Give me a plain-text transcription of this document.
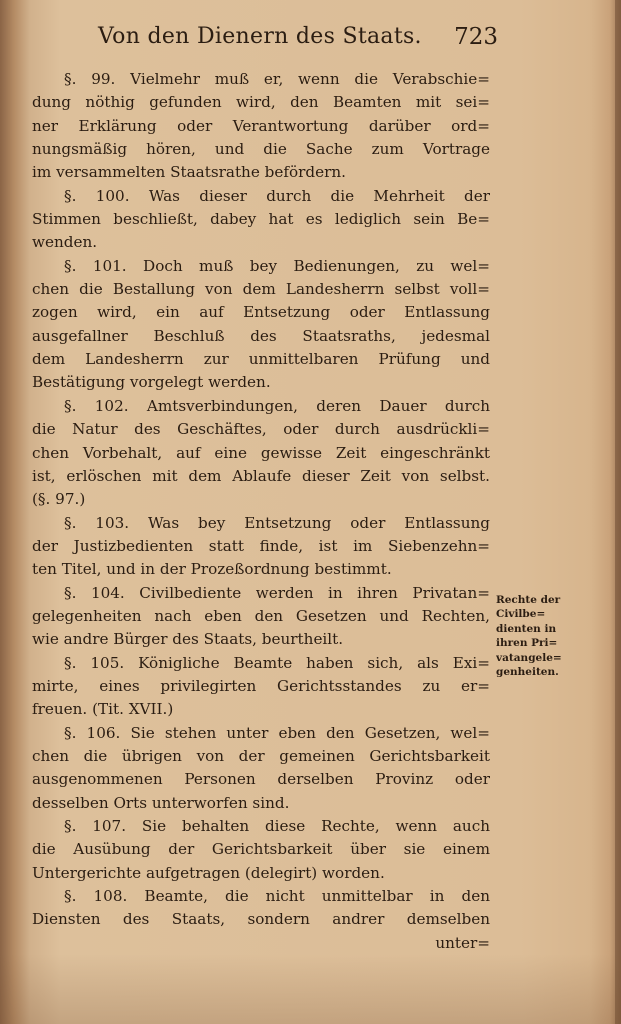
Von den Dienern des Staats. 723
§. 99. Vielmehr muß er, wenn die Verabschie=
dung nöthig gefunden wird, den Beamten mit sei=
ner Erklärung oder Verantwortung darüber ord=
nungsmäßig hören, und die Sache zum Vortrage
im versammelten Staatsrathe befördern.
§. 100. Was dieser durch die Mehrheit der
Stimmen beschließt, dabey hat es lediglich sein Be=
wenden.
§. 101. Doch muß bey Bedienungen, zu wel=
chen die Bestallung von dem Landesherrn selbst voll=
zogen wird, ein auf Entsetzung oder Entlassung
ausgefallner Beschluß des Staatsraths, jedesmal
dem Landesherrn zur unmittelbaren Prüfung und
Bestätigung vorgelegt werden.
§. 102. Amtsverbindungen, deren Dauer durch
die Natur des Geschäftes, oder durch ausdrückli=
chen Vorbehalt, auf eine gewisse Zeit eingeschränkt
ist, erlöschen mit dem Ablaufe dieser Zeit von selbst.
(§. 97.)
§. 103. Was bey Entsetzung oder Entlassung
der Justizbedienten statt finde, ist im Siebenzehn=
ten Titel, und in der Prozeßordnung bestimmt.
§. 104. Civilbediente werden in ihren Privatan=
gelegenheiten nach eben den Gesetzen und Rechten,
wie andre Bürger des Staats, beurtheilt.
§. 105. Königliche Beamte haben sich, als Exi=
mirte, eines privilegirten Gerichtsstandes zu er=
freuen. (Tit. XVII.)
§. 106. Sie stehen unter eben den Gesetzen, wel=
chen die übrigen von der gemeinen Gerichtsbarkeit
ausgenommenen Personen derselben Provinz oder
desselben Orts unterworfen sind.
§. 107. Sie behalten diese Rechte, wenn auch
die Ausübung der Gerichtsbarkeit über sie einem
Untergerichte aufgetragen (delegirt) worden.
§. 108. Beamte, die nicht unmittelbar in den
Diensten des Staats, sondern andrer demselben
unter=
Rechte der
Civilbe=
dienten in
ihren Pri=
vatangele=
genheiten.
